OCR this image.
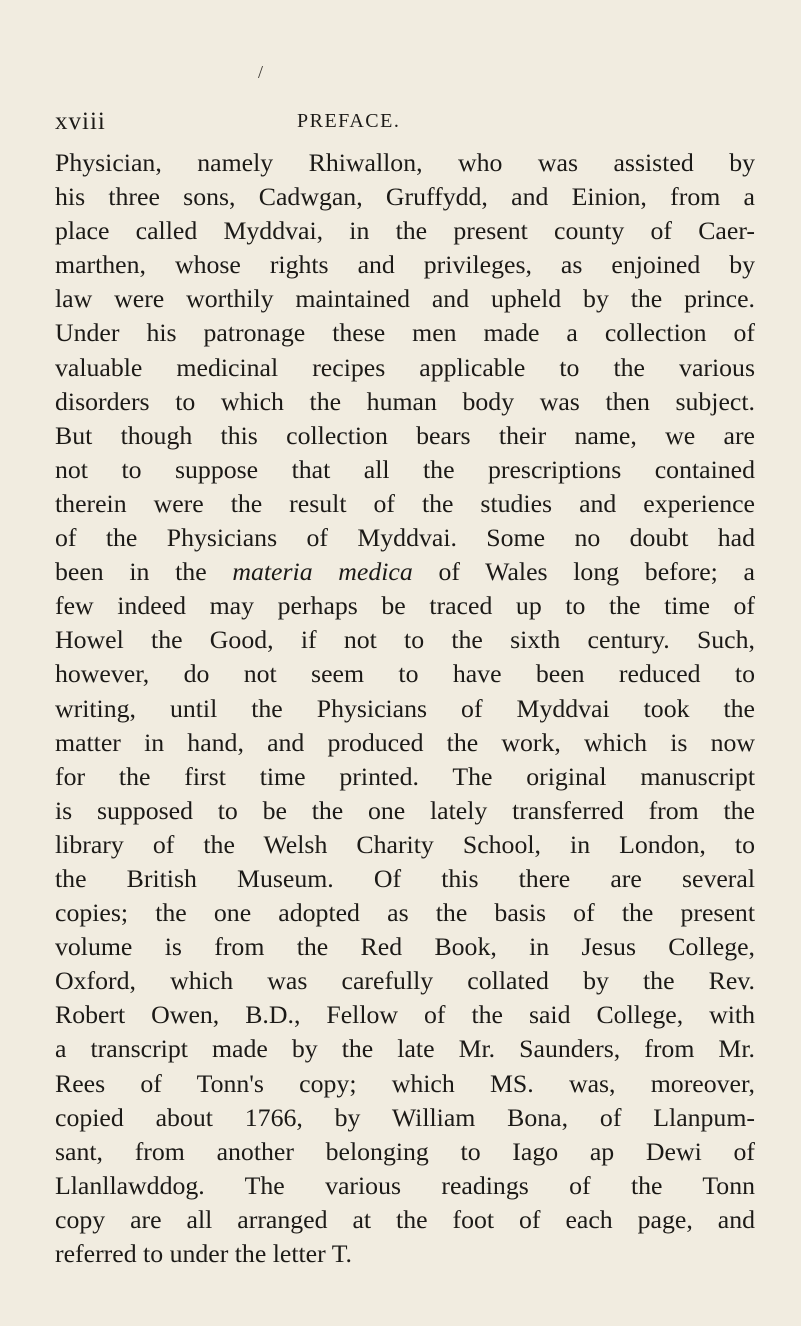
/
xviii	PREFACE.
Physician, namely Rhiwallon, who was assisted by
his three sons, Cadwgan, Gruffydd, and Einion, from a
place called Myddvai, in the present county of Caer-
marthen, whose rights and privileges, as enjoined by
law were worthily maintained and upheld by the prince.
Under his patronage these men made a collection of
valuable medicinal recipes applicable to the various
disorders to which the human body was then subject.
But though this collection bears their name, we are
not to suppose that all the prescriptions contained
therein were the result of the studies and experience
of the Physicians of Myddvai. Some no doubt had
been in the materia medica of Wales long before; a
few indeed may perhaps be traced up to the time of
Howel the Good, if not to the sixth century. Such,
however, do not seem to have been reduced to
writing, until the Physicians of Myddvai took the
matter in hand, and produced the work, which is now
for the first time printed. The original manuscript
is supposed to be the one lately transferred from the
library of the Welsh Charity School, in London, to
the British Museum. Of this there are several
copies; the one adopted as the basis of the present
volume is from the Red Book, in Jesus College,
Oxford, which was carefully collated by the Rev.
Robert Owen, B.D., Fellow of the said College, with
a transcript made by the late Mr. Saunders, from Mr.
Rees of Tonn's copy; which MS. was, moreover,
copied about 1766, by William Bona, of Llanpum-
sant, from another belonging to Iago ap Dewi of
Llanllawddog. The various readings of the Tonn
copy are all arranged at the foot of each page, and
referred to under the letter T.
